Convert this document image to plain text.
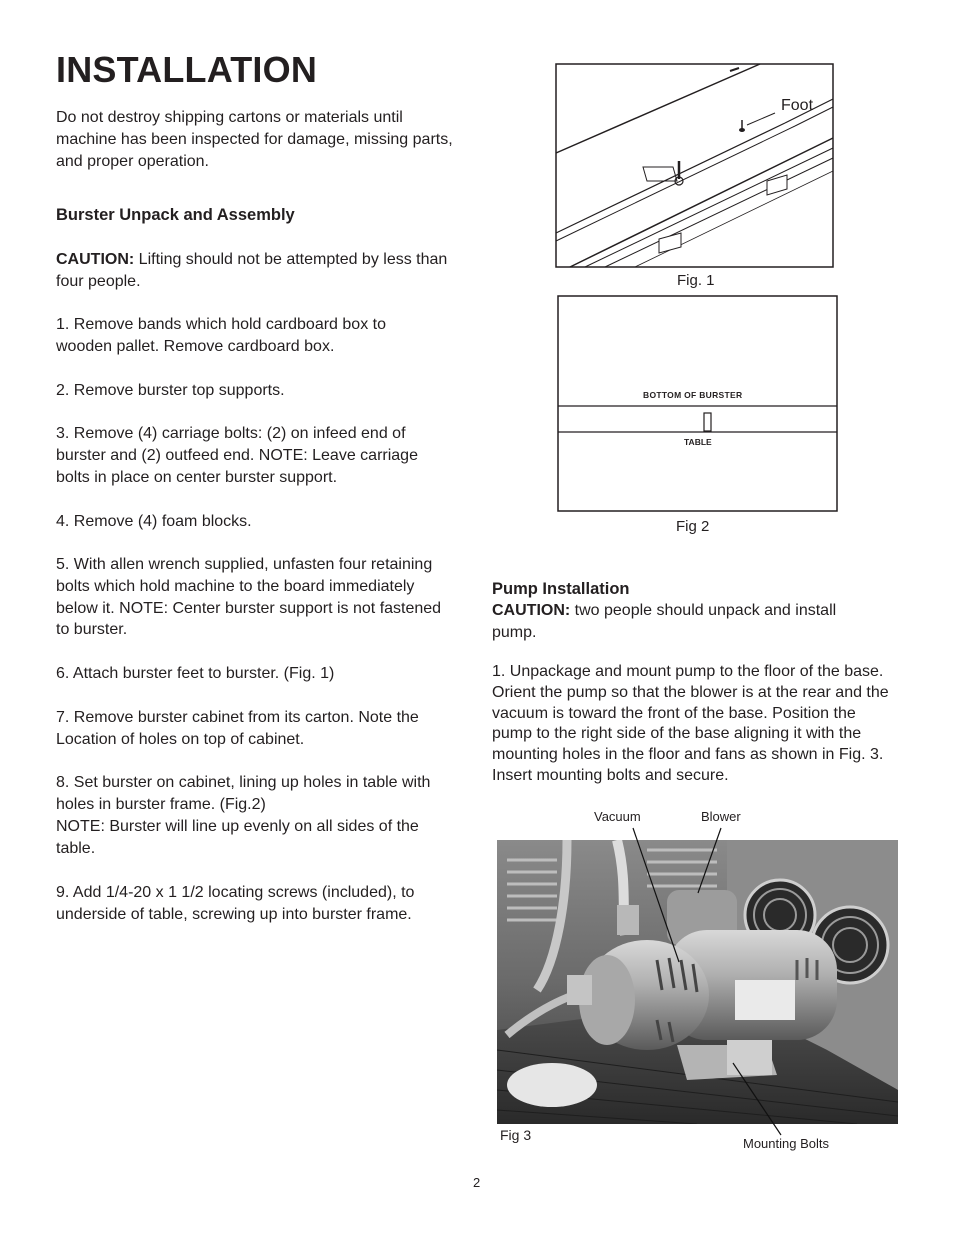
INSTALLATION

Do not destroy shipping cartons or materials until machine has been inspected for damage, missing parts, and proper operation.

Burster Unpack and Assembly

CAUTION: Lifting should not be attempted by less than four people.

1. Remove bands which hold cardboard box to wooden pallet. Remove cardboard box.

2. Remove burster top supports.

3. Remove (4) carriage bolts: (2) on infeed end of burster and (2) outfeed end. NOTE: Leave carriage bolts in place on center burster support.

4. Remove (4) foam blocks.

5. With allen wrench supplied, unfasten four retaining bolts which hold machine to the board immediately below it. NOTE: Center burster support is not fastened to burster.

6. Attach burster feet to burster. (Fig. 1)

7. Remove burster cabinet from its carton. Note the Location of holes on top of cabinet.

8. Set burster on cabinet, lining up holes in table with holes in burster frame. (Fig.2)

NOTE: Burster will line up evenly on all sides of the table.

9. Add 1/4-20 x 1 1/2 locating screws (included), to underside of table, screwing up into burster frame.

Foot
Fig. 1
BOTTOM OF BURSTER
TABLE
Fig 2

Pump Installation

CAUTION: two people should unpack and install pump.

1. Unpackage and mount pump to the floor of the base. Orient the pump so that the blower is at the rear and the vacuum is toward the front of the base. Position the pump to the right side of the base aligning it with the mounting holes in the floor and fans as shown in Fig. 3. Insert mounting bolts and secure.

Vacuum	Blower
Fig 3
Mounting Bolts
2
